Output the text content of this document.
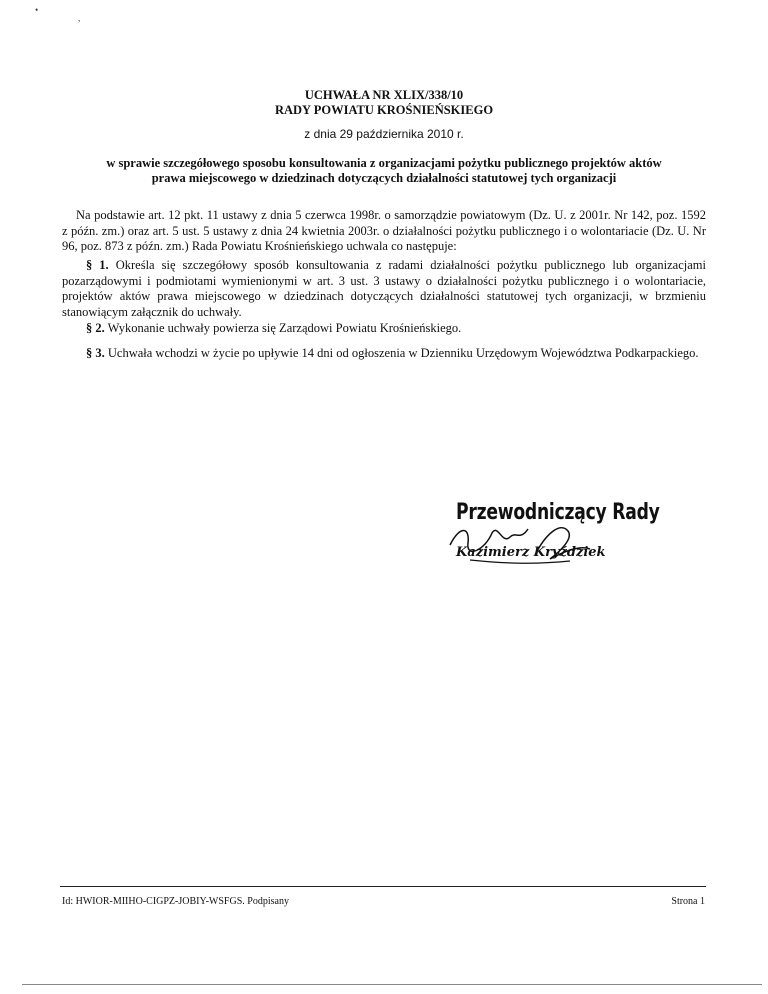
•
,
UCHWAŁA NR XLIX/338/10
RADY POWIATU KROŚNIEŃSKIEGO
z dnia 29 października 2010 r.
w sprawie szczegółowego sposobu konsultowania z organizacjami pożytku publicznego projektów aktów
prawa miejscowego w dziedzinach dotyczących działalności statutowej tych organizacji

Na podstawie art. 12 pkt. 11 ustawy z dnia 5 czerwca 1998r. o samorządzie powiatowym (Dz. U. z 2001r. Nr 142, poz. 1592 z późn. zm.) oraz art. 5 ust. 5 ustawy z dnia 24 kwietnia 2003r. o działalności pożytku publicznego i o wolontariacie (Dz. U. Nr 96, poz. 873 z późn. zm.) Rada Powiatu Krośnieńskiego uchwala co następuje:

§ 1. Określa się szczegółowy sposób konsultowania z radami działalności pożytku publicznego lub organizacjami pozarządowymi i podmiotami wymienionymi w art. 3 ust. 3 ustawy o działalności pożytku publicznego i o wolontariacie, projektów aktów prawa miejscowego w dziedzinach dotyczących działalności statutowej tych organizacji, w brzmieniu stanowiącym załącznik do uchwały.

§ 2. Wykonanie uchwały powierza się Zarządowi Powiatu Krośnieńskiego.

§ 3. Uchwała wchodzi w życie po upływie 14 dni od ogłoszenia w Dzienniku Urzędowym Województwa Podkarpackiego.

Przewodniczący Rady
Kazimierz Kryździek
Id: HWIOR-MIIHO-CIGPZ-JOBIY-WSFGS. Podpisany	Strona 1
